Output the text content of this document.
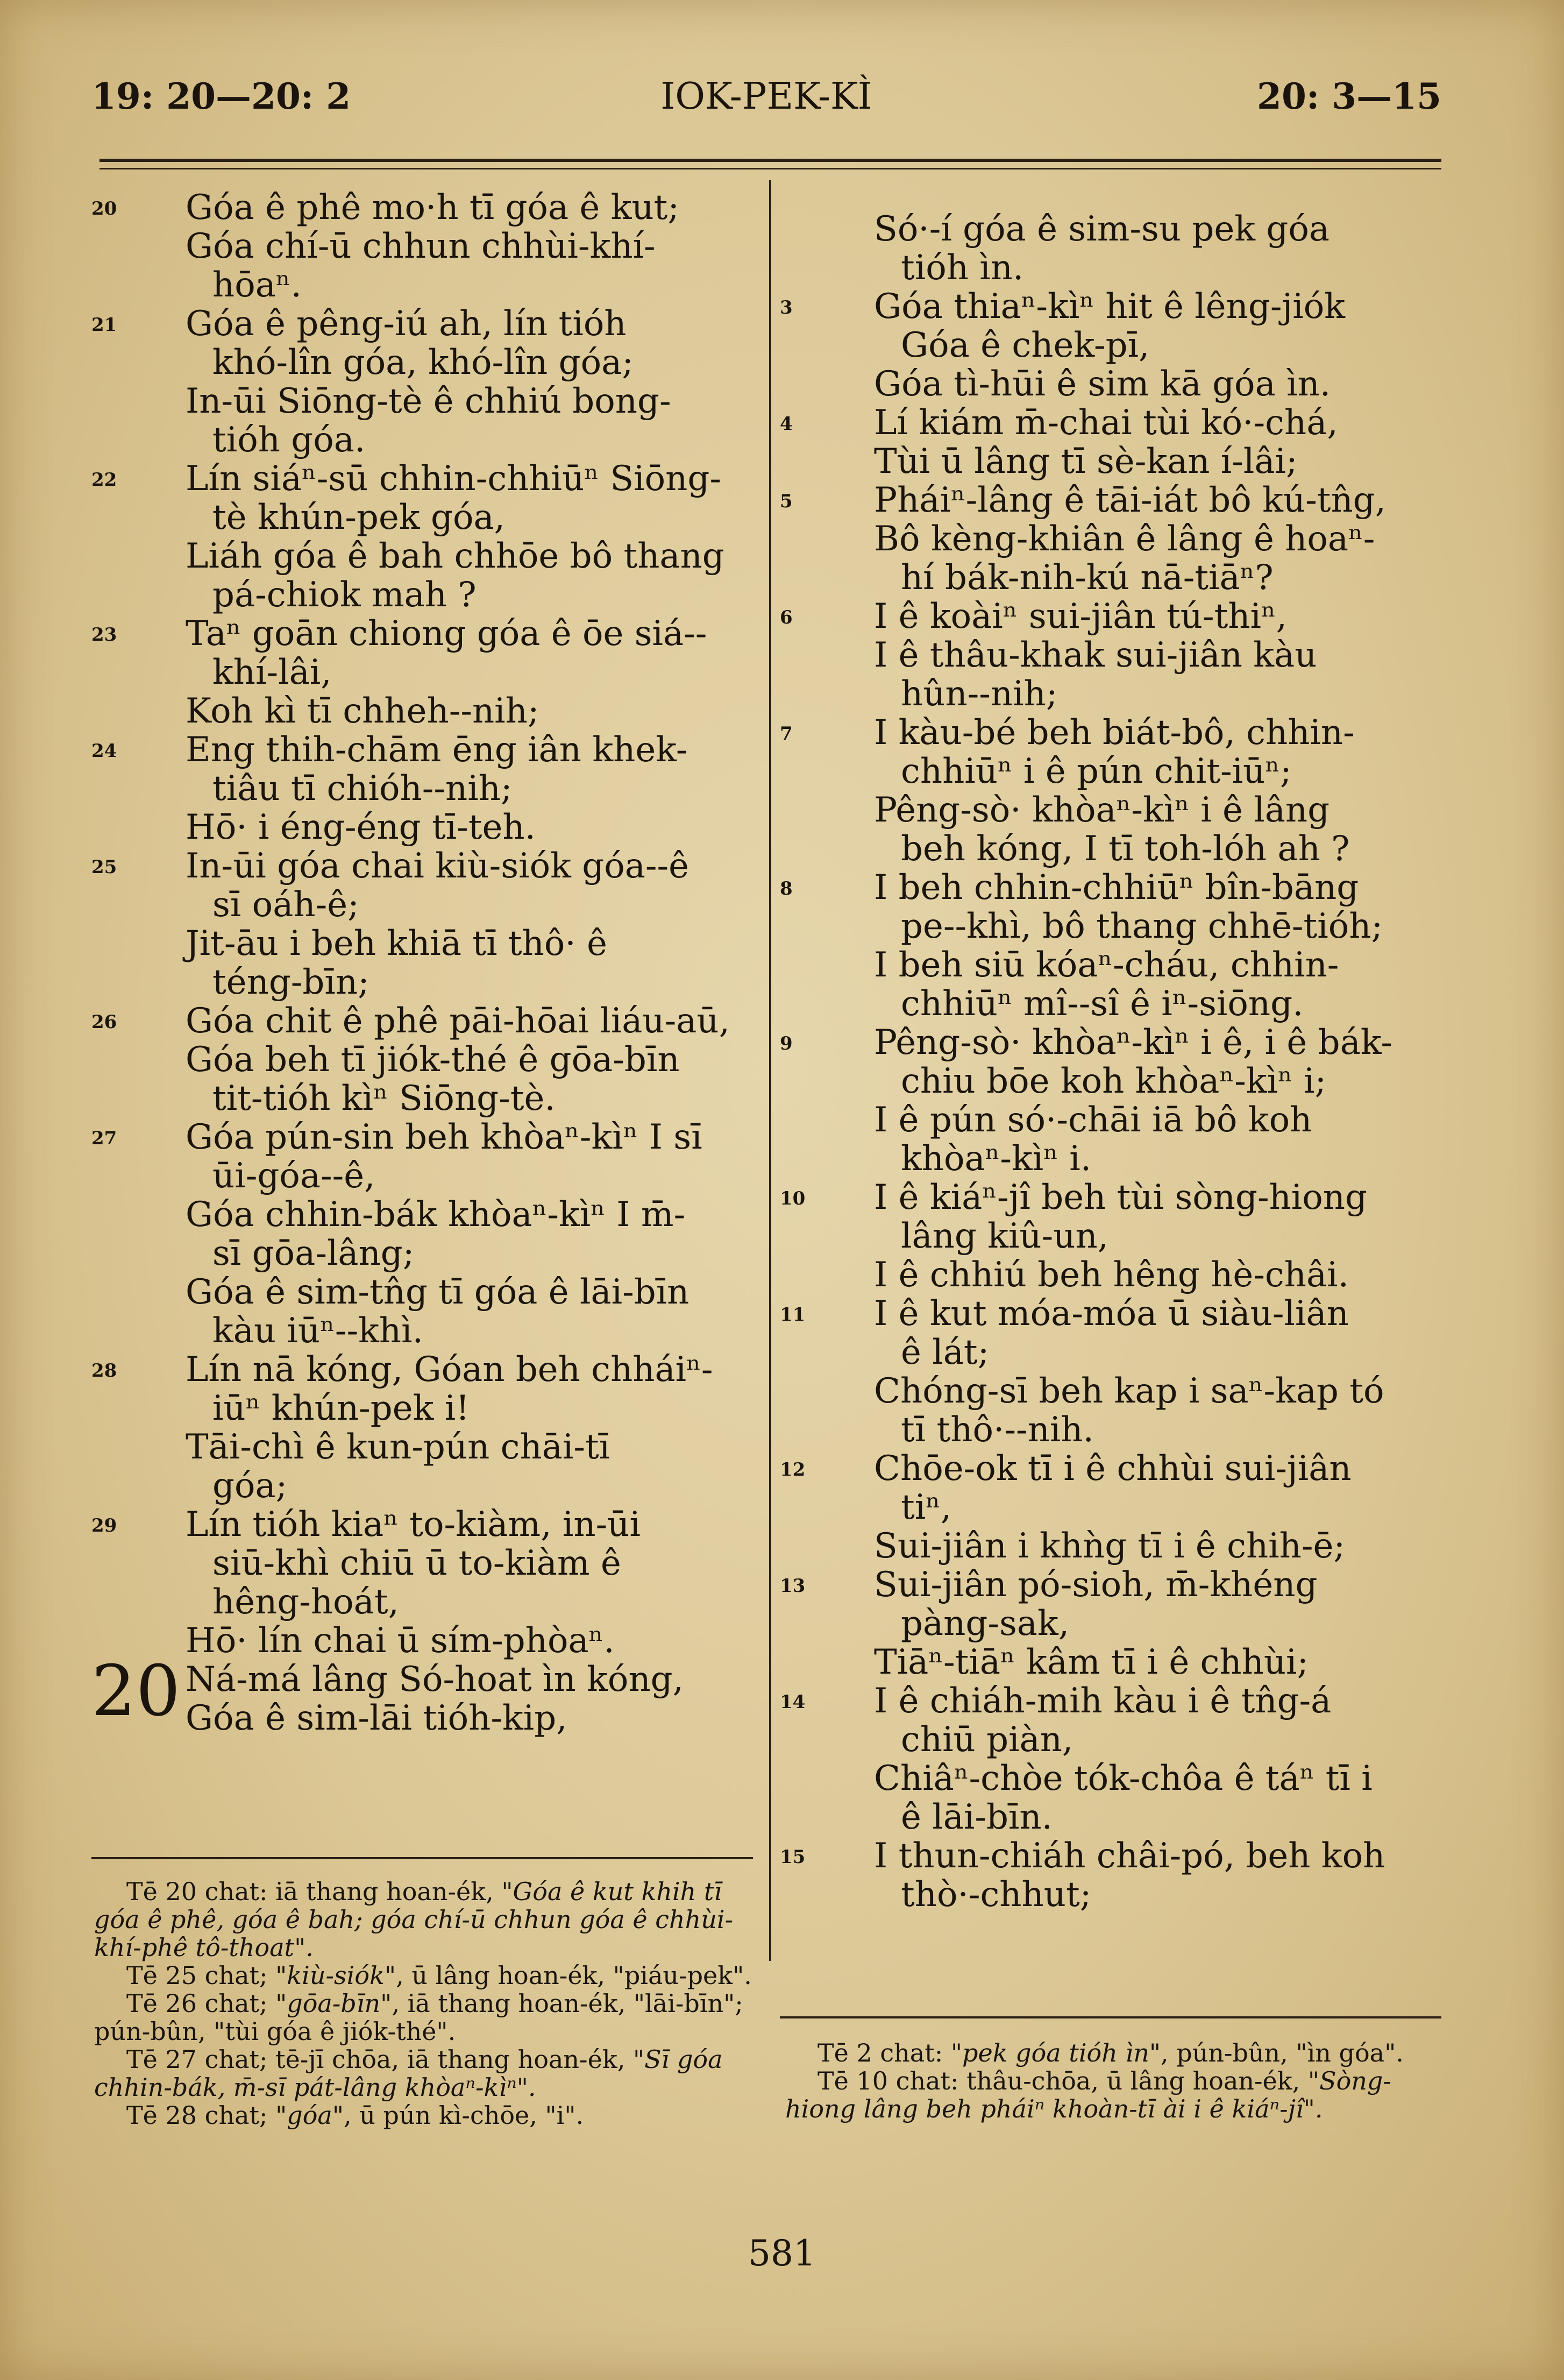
19: 20—20: 2	IOK-PEK-KÌ	20: 3—15
20	Góa ê phê mo·h tī góa ê kut;
Góa chí-ū chhun chhùi-khí-
hōaⁿ.
21	Góa ê pêng-iú ah, lín tióh
khó-lîn góa, khó-lîn góa;
In-ūi Siōng-tè ê chhiú bong-
tióh góa.
22	Lín siáⁿ-sū chhin-chhiūⁿ Siōng-
tè khún-pek góa,
Liáh góa ê bah chhōe bô thang
pá-chiok mah ?
23	Taⁿ goān chiong góa ê ōe siá--
khí-lâi,
Koh kì tī chheh--nih;
24	Eng thih-chām ēng iân khek-
tiâu tī chióh--nih;
Hō· i éng-éng tī-teh.
25	In-ūi góa chai kiù-siók góa--ê
sī oáh-ê;
Jit-āu i beh khiā tī thô· ê
téng-bīn;
26	Góa chit ê phê pāi-hōai liáu-aū,
Góa beh tī jiók-thé ê gōa-bīn
tit-tióh kìⁿ Siōng-tè.
27	Góa pún-sin beh khòaⁿ-kìⁿ I sī
ūi-góa--ê,
Góa chhin-bák khòaⁿ-kìⁿ I m̄-
sī gōa-lâng;
Góa ê sim-tn̂g tī góa ê lāi-bīn
kàu iūⁿ--khì.
28	Lín nā kóng, Góan beh chháiⁿ-
iūⁿ khún-pek i!
Tāi-chì ê kun-pún chāi-tī
góa;
29	Lín tióh kiaⁿ to-kiàm, in-ūi
siū-khì chiū ū to-kiàm ê
hêng-hoát,
Hō· lín chai ū sím-phòaⁿ.
20 Ná-má lâng Só-hoat ìn kóng,
Góa ê sim-lāi tióh-kip,
Só·-í góa ê sim-su pek góa
tióh ìn.
3	Góa thiaⁿ-kìⁿ hit ê lêng-jiók
Góa ê chek-pī,
Góa tì-hūi ê sim kā góa ìn.
4	Lí kiám m̄-chai tùi kó·-chá,
Tùi ū lâng tī sè-kan í-lâi;
5	Pháiⁿ-lâng ê tāi-iát bô kú-tn̂g,
Bô kèng-khiân ê lâng ê hoaⁿ-
hí bák-nih-kú nā-tiāⁿ?
6	I ê koàiⁿ sui-jiân tú-thiⁿ,
I ê thâu-khak sui-jiân kàu
hûn--nih;
7	I kàu-bé beh biát-bô, chhin-
chhiūⁿ i ê pún chit-iūⁿ;
Pêng-sò· khòaⁿ-kìⁿ i ê lâng
beh kóng, I tī toh-lóh ah ?
8	I beh chhin-chhiūⁿ bîn-bāng
pe--khì, bô thang chhē-tióh;
I beh siū kóaⁿ-cháu, chhin-
chhiūⁿ mî--sî ê iⁿ-siōng.
9	Pêng-sò· khòaⁿ-kìⁿ i ê, i ê bák-
chiu bōe koh khòaⁿ-kìⁿ i;
I ê pún só·-chāi iā bô koh
khòaⁿ-kìⁿ i.
10	I ê kiáⁿ-jî beh tùi sòng-hiong
lâng kiû-un,
I ê chhiú beh hêng hè-châi.
11	I ê kut móa-móa ū siàu-liân
ê lát;
Chóng-sī beh kap i saⁿ-kap tó
tī thô·--nih.
12	Chōe-ok tī i ê chhùi sui-jiân
tiⁿ,
Sui-jiân i khǹg tī i ê chih-ē;
13	Sui-jiân pó-sioh, m̄-khéng
pàng-sak,
Tiāⁿ-tiāⁿ kâm tī i ê chhùi;
14	I ê chiáh-mih kàu i ê tn̂g-á
chiū piàn,
Chiâⁿ-chòe tók-chôa ê táⁿ tī i
ê lāi-bīn.
15	I thun-chiáh châi-pó, beh koh
thò·-chhut;

Tē 20 chat: iā thang hoan-ék, "Góa ê kut khih tī góa ê phê, góa ê bah; góa chí-ū chhun góa ê chhùi-khí-phê tô-thoat".

Tē 25 chat; "kiù-siók", ū lâng hoan-ék, "piáu-pek".

Tē 26 chat; "gōa-bīn", iā thang hoan-ék, "lāi-bīn"; pún-bûn, "tùi góa ê jiók-thé".

Tē 27 chat; tē-jī chōa, iā thang hoan-ék, "Sī góa chhin-bák, m̄-sī pát-lâng khòaⁿ-kìⁿ".

Tē 28 chat; "góa", ū pún kì-chōe, "i".

Tē 2 chat: "pek góa tióh ìn", pún-bûn, "ìn góa".

Tē 10 chat: thâu-chōa, ū lâng hoan-ék, "Sòng-hiong lâng beh pháiⁿ khoàn-tī ài i ê kiáⁿ-jî".

581
